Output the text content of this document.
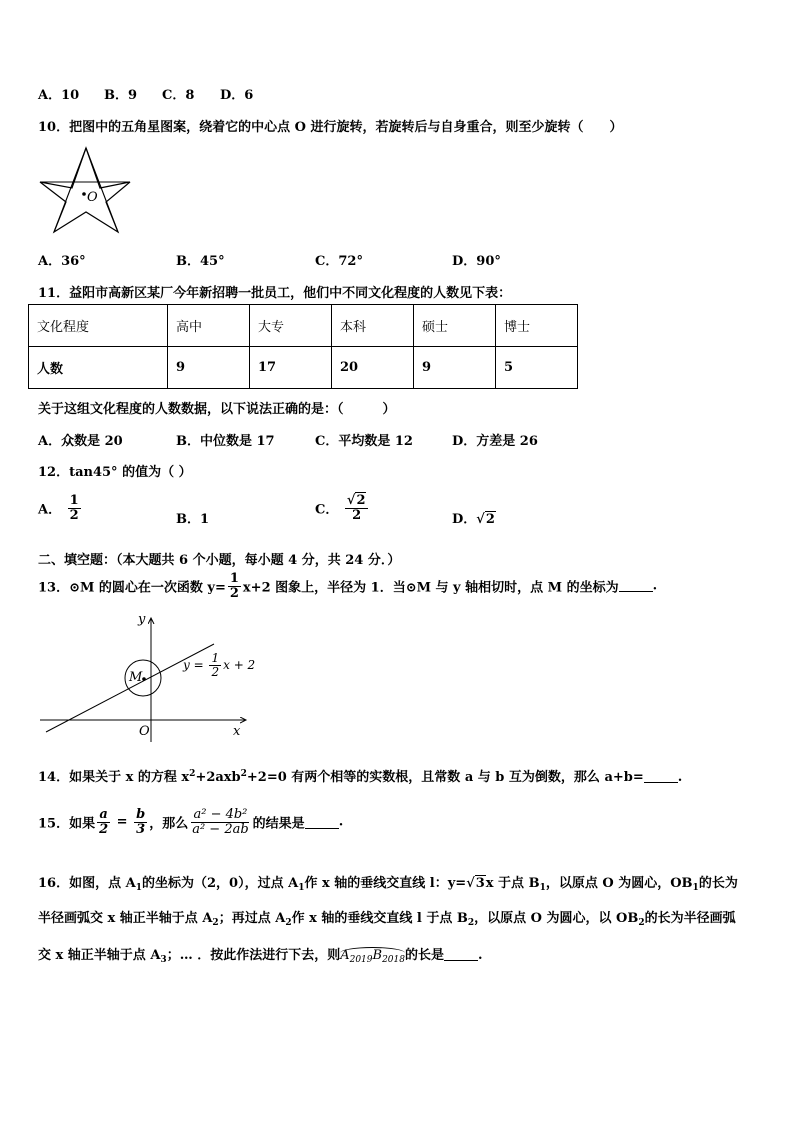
A．10 B．9 C．8 D．6
10．把图中的五角星图案，绕着它的中心点 O 进行旋转，若旋转后与自身重合，则至少旋转（　　）
O
A．36°	B．45°	C．72°	D．90°
11．益阳市高新区某厂今年新招聘一批员工，他们中不同文化程度的人数见下表：
文化程度	高中	大专	本科	硕士	博士
人数	9	17	20	9	5
关于这组文化程度的人数数据，以下说法正确的是：（　　　）
A．众数是 20	B．中位数是 17	C．平均数是 12	D．方差是 26
12．tan45° 的值为（ ）
A． $\frac{1}{2}$	B．1
C． $\frac{√2}{2}$	D．√2
二、填空题：（本大题共 6 个小题，每小题 4 分，共 24 分．）
13．⊙M 的圆心在一次函数 $y= \frac{1}{2} x+2$ 图象上，半径为 1．当⊙M 与 y 轴相切时，点 M 的坐标为	.
y
x
O
M
$y = \frac{1}{2}$ x + 2
14．如果关于 x 的方程 $x^2+2axb^2+2=0$ 有两个相等的实数根，且常数 a 与 b 互为倒数，那么 a+b=	.
15．如果 $\frac{a}{2} = \frac{b}{3}$ ，那么 $\frac{\text{a² − 4b²}}{\text{a² − 2ab}}$ 的结果是	.
16．如图，点 $A_1$的坐标为（2，0），过点 $A_1$作 x 轴的垂线交直线 l：y=√3x 于点 $B_1$，以原点 O 为圆心，$OB_1$的长为
半径画弧交 x 轴正半轴于点 $A_2$；再过点 $A_2$作 x 轴的垂线交直线 l 于点 $B_2$，以原点 O 为圆心，以 $OB_2$的长为半径画弧
交 x 轴正半轴于点 $A_3$；… ．按此作法进行下去，则$A_{2019}B_{2018}$的长是	.
